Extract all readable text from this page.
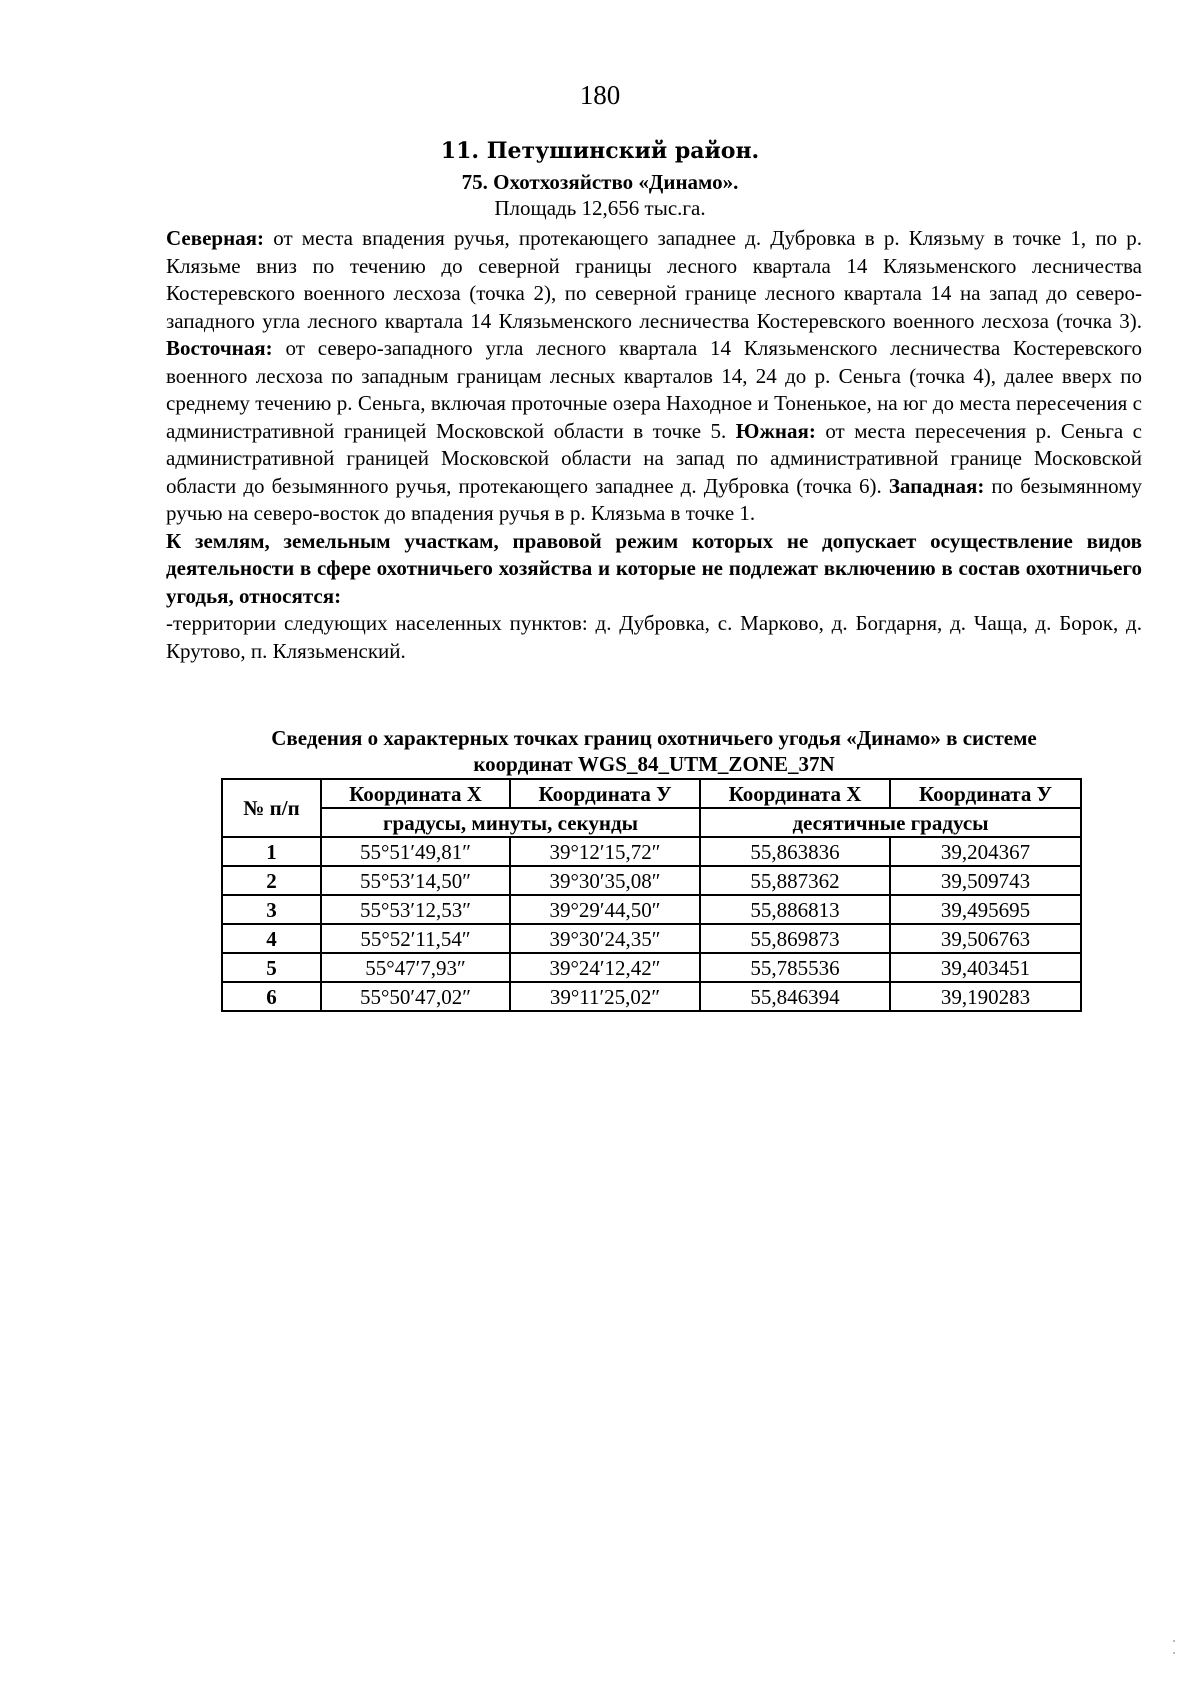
180
11. Петушинский район.
75. Охотхозяйство «Динамо».
Площадь 12,656 тыс.га.

Северная: от места впадения ручья, протекающего западнее д. Дубровка в р. Клязьму в точке 1, по р. Клязьме вниз по течению до северной границы лесного квартала 14 Клязьменского лесничества Костеревского военного лесхоза (точка 2), по северной границе лесного квартала 14 на запад до северо-западного угла лесного квартала 14 Клязьменского лесничества Костеревского военного лесхоза (точка 3). Восточная: от северо-западного угла лесного квартала 14 Клязьменского лесничества Костеревского военного лесхоза по западным границам лесных кварталов 14, 24 до р. Сеньга (точка 4), далее вверх по среднему течению р. Сеньга, включая проточные озера Находное и Тоненькое, на юг до места пересечения с административной границей Московской области в точке 5. Южная: от места пересечения р. Сеньга с административной границей Московской области на запад по административной границе Московской области до безымянного ручья, протекающего западнее д. Дубровка (точка 6). Западная: по безымянному ручью на северо-восток до впадения ручья в р. Клязьма в точке 1.

К землям, земельным участкам, правовой режим которых не допускает осуществление видов деятельности в сфере охотничьего хозяйства и которые не подлежат включению в состав охотничьего угодья, относятся:

-территории следующих населенных пунктов: д. Дубровка, с. Марково, д. Богдарня, д. Чаща, д. Борок, д. Крутово, п. Клязьменский.

Сведения о характерных точках границ охотничьего угодья «Динамо» в системе
координат WGS_84_UTM_ZONE_37N
№ п/п	Координата Х	Координата У	Координата Х	Координата У
	градусы, минуты, секунды		десятичные градусы	
1	55°51′49,81″	39°12′15,72″	55,863836	39,204367
2	55°53′14,50″	39°30′35,08″	55,887362	39,509743
3	55°53′12,53″	39°29′44,50″	55,886813	39,495695
4	55°52′11,54″	39°30′24,35″	55,869873	39,506763
5	55°47′7,93″	39°24′12,42″	55,785536	39,403451
6	55°50′47,02″	39°11′25,02″	55,846394	39,190283
